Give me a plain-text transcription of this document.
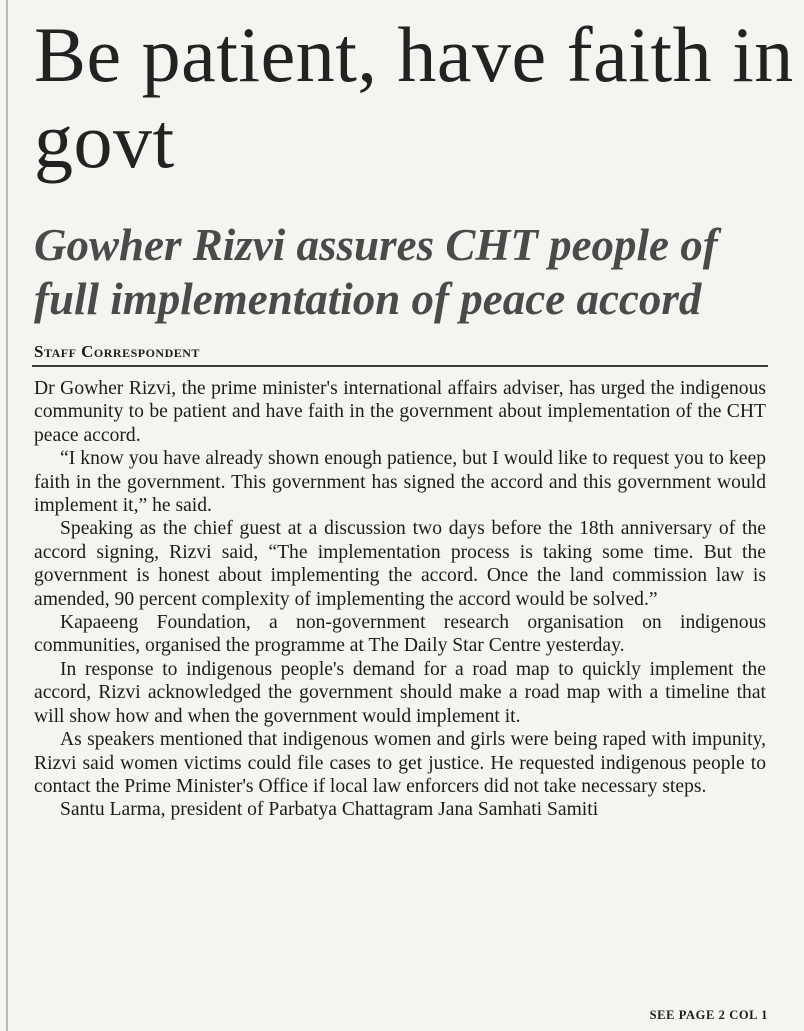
Be patient, have faith in govt
Gowher Rizvi assures CHT people of full implementation of peace accord
Staff Correspondent

Dr Gowher Rizvi, the prime minister's international affairs adviser, has urged the indigenous community to be patient and have faith in the government about implementation of the CHT peace accord.

“I know you have already shown enough patience, but I would like to request you to keep faith in the government. This government has signed the accord and this government would implement it,” he said.

Speaking as the chief guest at a discussion two days before the 18th anniversary of the accord signing, Rizvi said, “The implementation process is taking some time. But the government is honest about implementing the accord. Once the land commission law is amended, 90 percent complexity of implementing the accord would be solved.”

Kapaeeng Foundation, a non-government research organisation on indigenous communities, organised the programme at The Daily Star Centre yesterday.

In response to indigenous people's demand for a road map to quickly implement the accord, Rizvi acknowledged the government should make a road map with a timeline that will show how and when the government would implement it.

As speakers mentioned that indigenous women and girls were being raped with impunity, Rizvi said women victims could file cases to get justice. He requested indigenous people to contact the Prime Minister's Office if local law enforcers did not take necessary steps.

Santu Larma, president of Parbatya Chattagram Jana Samhati Samiti

SEE PAGE 2 COL 1
